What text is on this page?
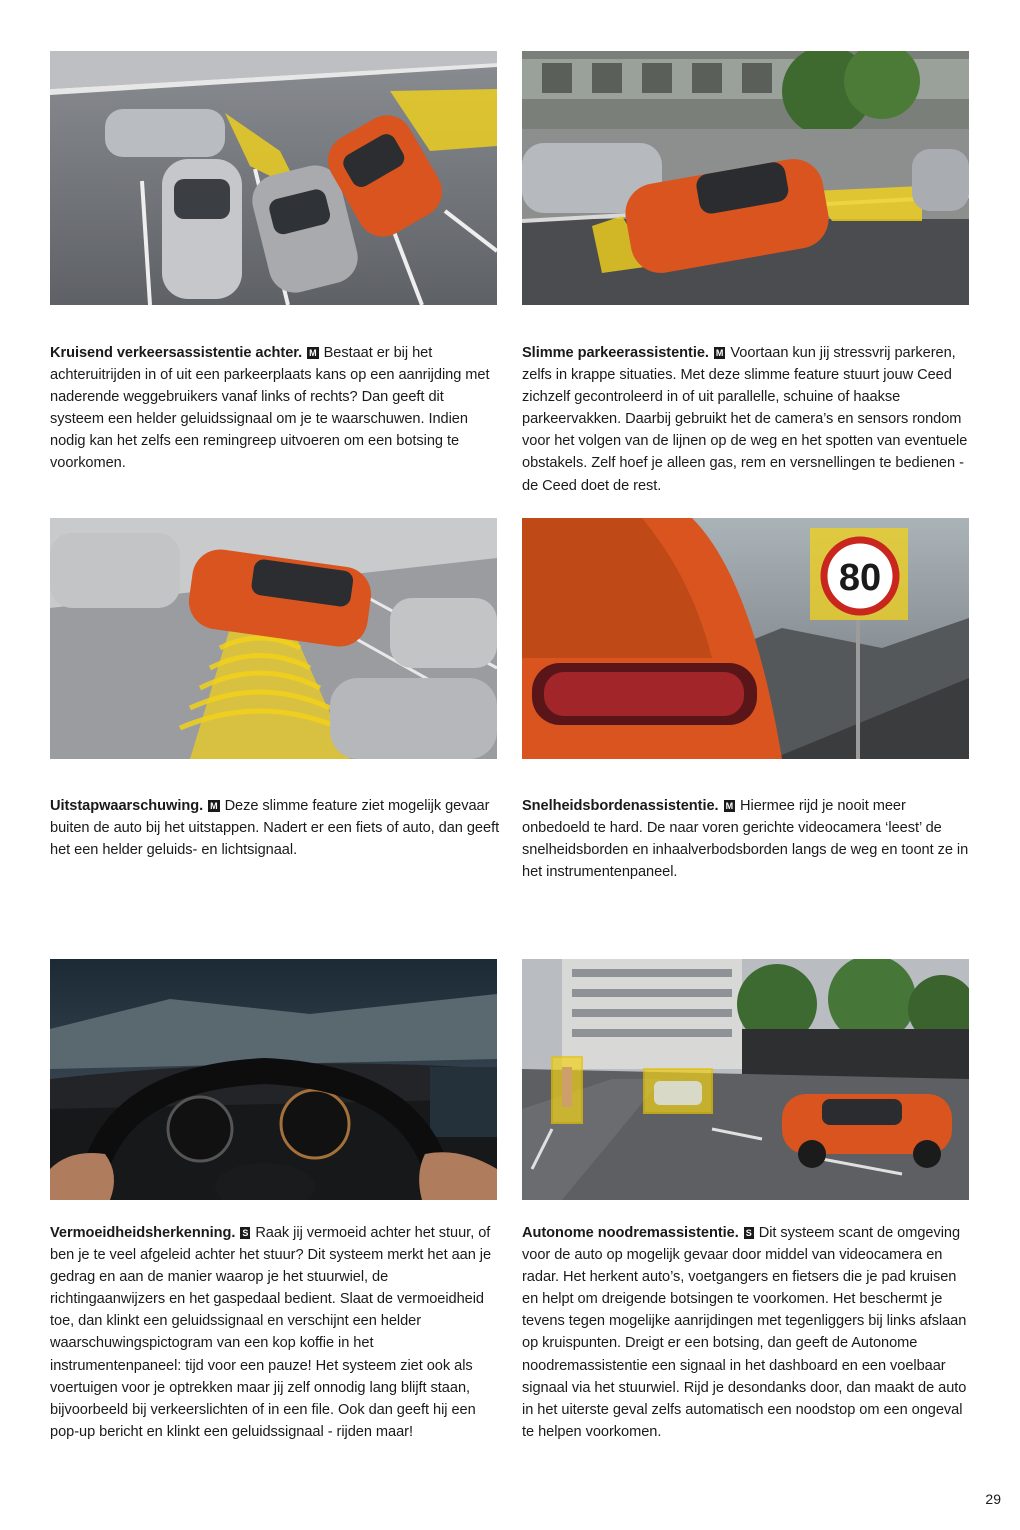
Kruisend verkeersassistentie achter. M Bestaat er bij het achteruitrijden in of uit een parkeerplaats kans op een aanrijding met naderende weggebruikers vanaf links of rechts? Dan geeft dit systeem een helder geluidssignaal om je te waarschuwen. Indien nodig kan het zelfs een remingreep uitvoeren om een botsing te voorkomen.
Slimme parkeerassistentie. M Voortaan kun jij stressvrij parkeren, zelfs in krappe situaties. Met deze slimme feature stuurt jouw Ceed zichzelf gecontroleerd in of uit parallelle, schuine of haakse parkeervakken. Daarbij gebruikt het de camera’s en sensors rondom voor het volgen van de lijnen op de weg en het spotten van eventuele obstakels. Zelf hoef je alleen gas, rem en versnellingen te bedienen - de Ceed doet de rest.
80
Uitstapwaarschuwing. M Deze slimme feature ziet mogelijk gevaar buiten de auto bij het uitstappen. Nadert er een fiets of auto, dan geeft het een helder geluids- en lichtsignaal.
Snelheidsbordenassistentie. M Hiermee rijd je nooit meer onbedoeld te hard. De naar voren gerichte videocamera ‘leest’ de snelheidsborden en inhaalverbodsborden langs de weg en toont ze in het instrumentenpaneel.
Vermoeidheidsherkenning. S Raak jij vermoeid achter het stuur, of ben je te veel afgeleid achter het stuur? Dit systeem merkt het aan je gedrag en aan de manier waarop je het stuurwiel, de richtingaanwijzers en het gaspedaal bedient. Slaat de vermoeidheid toe, dan klinkt een geluidssignaal en verschijnt een helder waarschuwingspictogram van een kop koffie in het instrumentenpaneel: tijd voor een pauze! Het systeem ziet ook als voertuigen voor je optrekken maar jij zelf onnodig lang blijft staan, bijvoorbeeld bij verkeerslichten of in een file. Ook dan geeft hij een pop-up bericht en klinkt een geluidssignaal - rijden maar!
Autonome noodremassistentie. S Dit systeem scant de omgeving voor de auto op mogelijk gevaar door middel van videocamera en radar. Het herkent auto’s, voetgangers en fietsers die je pad kruisen en helpt om dreigende botsingen te voorkomen. Het beschermt je tevens tegen mogelijke aanrijdingen met tegenliggers bij links afslaan op kruispunten. Dreigt er een botsing, dan geeft de Autonome noodremassistentie een signaal in het dashboard en een voelbaar signaal via het stuurwiel. Rijd je desondanks door, dan maakt de auto in het uiterste geval zelfs automatisch een noodstop om een ongeval te helpen voorkomen.
29
